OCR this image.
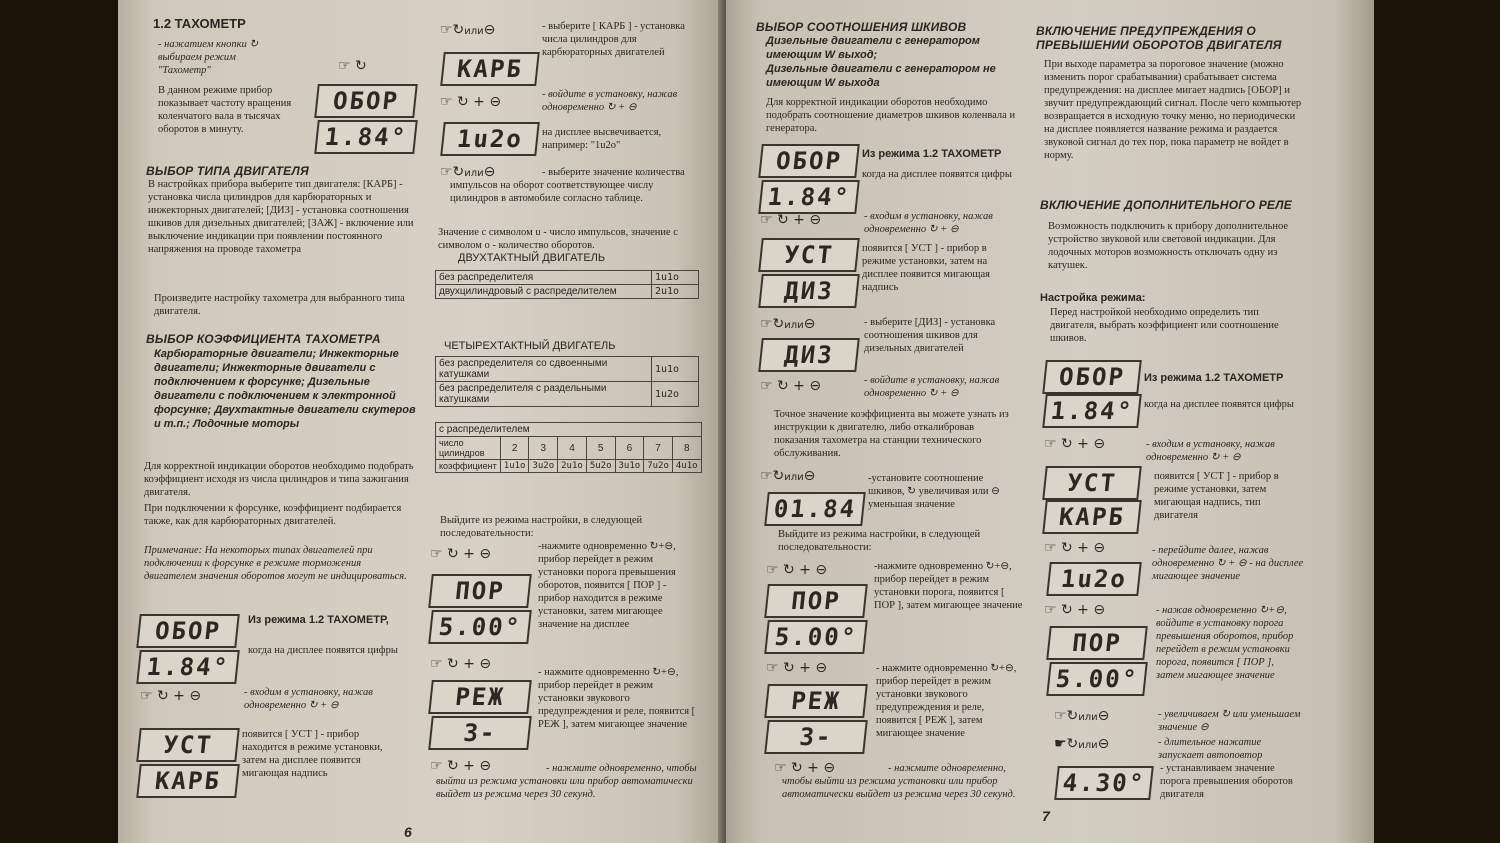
1.2 ТАХОМЕТР
- нажатием кнопки ↻ выбираем режим "Тахометр"	☞ ↻
В данном режиме прибор показывает частоту вращения коленчатого вала в тысячах оборотов в минуту.
ОБОР
1.84°
ВЫБОР ТИПА ДВИГАТЕЛЯ
В настройках прибора выберите тип двигателя: [КАРБ] - установка числа цилиндров для карбюраторных и инжекторных двигателей; [ДИЗ] - установка соотношения шкивов для дизельных двигателей; [ЗАЖ] - включение или выключение индикации при появлении постоянного напряжения на проводе тахометра
Произведите настройку тахометра для выбранного типа двигателя.
ВЫБОР КОЭФФИЦИЕНТА ТАХОМЕТРА
Карбюраторные двигатели; Инжекторные двигатели; Инжекторные двигатели с подключением к форсунке; Дизельные двигатели с подключением к электронной форсунке; Двухтактные двигатели скутеров и т.п.; Лодочные моторы
Для корректной индикации оборотов необходимо подобрать коэффициент исходя из числа цилиндров и типа зажигания двигателя.
При подключении к форсунке, коэффициент подбирается также, как для карбюраторных двигателей.
Примечание: На некоторых типах двигателей при подключении к форсунке в режиме торможения двигателем значения оборотов могут не индицироваться.
ОБОР
1.84°
Из режима 1.2 ТАХОМЕТР,
когда на дисплее появятся цифры
☞ ↻ + ⊖	- входим в установку, нажав одновременно ↻ + ⊖
УСТ
КАРБ
появится [ УСТ ] - прибор находится в режиме установки, затем на дисплее появится мигающая надпись
6
☞↻или⊖	- выберите [ КАРБ ] - установка числа цилиндров для карбюраторных двигателей
КАРБ
☞ ↻ + ⊖	- войдите в установку, нажав одновременно ↻ + ⊖
1u2o	на дисплее высвечивается, например: "1u2o"
☞↻или⊖	- выберите значение количества импульсов на оборот соответствующее числу цилиндров в автомобиле согласно таблице.
Значение с символом u - число импульсов, значение с символом o - количество оборотов.
ДВУХТАКТНЫЙ ДВИГАТЕЛЬ
без распределителя	1u1o
двухцилиндровый с распределителем	2u1o
ЧЕТЫРЕХТАКТНЫЙ ДВИГАТЕЛЬ
без распределителя со сдвоенными катушками	1u1o
без распределителя с раздельными катушками	1u2o
с распределителем							
число цилиндров	2	3	4	5	6	7	8
коэффициент	1u1o	3u2o	2u1o	5u2o	3u1o	7u2o	4u1o
Выйдите из режима настройки, в следующей последовательности:
☞ ↻ + ⊖	-нажмите одновременно ↻+⊖, прибор перейдет в режим установки порога превышения оборотов, появится [ ПОР ] - прибор находится в режиме установки, затем мигающее значение на дисплее
ПОР
5.00°
☞ ↻ + ⊖
- нажмите одновременно ↻+⊖, прибор перейдет в режим установки звукового предупреждения и реле, появится [ РЕЖ ], затем мигающее значение
РЕЖ
3-
☞ ↻ + ⊖	- нажмите одновременно, чтобы выйти из режима установки или прибор автоматически выйдет из режима через 30 секунд.
ВЫБОР СООТНОШЕНИЯ ШКИВОВ
Дизельные двигатели с генератором имеющим W выход;
Дизельные двигатели с генератором не имеющим W выхода
Для корректной индикации оборотов необходимо подобрать соотношение диаметров шкивов коленвала и генератора.
ОБОР
1.84°
Из режима 1.2 ТАХОМЕТР
когда на дисплее появятся цифры
☞ ↻ + ⊖	- входим в установку, нажав одновременно ↻ + ⊖
УСТ
ДИЗ
появится [ УСТ ] - прибор в режиме установки, затем на дисплее появится мигающая надпись
☞↻или⊖	- выберите [ДИЗ] - установка соотношения шкивов для дизельных двигателей
ДИЗ
☞ ↻ + ⊖	- войдите в установку, нажав одновременно ↻ + ⊖
Точное значение коэффициента вы можете узнать из инструкции к двигателю, либо откалибровав показания тахометра на станции технического обслуживания.
☞↻или⊖	-установите соотношение шкивов, ↻ увеличивая или ⊖ уменьшая значение
01.84
Выйдите из режима настройки, в следующей последовательности:
☞ ↻ + ⊖	-нажмите одновременно ↻+⊖, прибор перейдет в режим установки порога, появится [ ПОР ], затем мигающее значение
ПОР
5.00°
☞ ↻ + ⊖	- нажмите одновременно ↻+⊖, прибор перейдет в режим установки звукового предупреждения и реле, появится [ РЕЖ ], затем мигающее значение
РЕЖ
3-
☞ ↻ + ⊖	- нажмите одновременно, чтобы выйти из режима установки или прибор автоматически выйдет из режима через 30 секунд.
ВКЛЮЧЕНИЕ ПРЕДУПРЕЖДЕНИЯ О ПРЕВЫШЕНИИ ОБОРОТОВ ДВИГАТЕЛЯ
При выходе параметра за пороговое значение (можно изменить порог срабатывания) срабатывает система предупреждения: на дисплее мигает надпись [ОБОР] и звучит предупреждающий сигнал. После чего компьютер возвращается в исходную точку меню, но периодически на дисплее появляется название режима и раздается звуковой сигнал до тех пор, пока параметр не войдет в норму.
ВКЛЮЧЕНИЕ ДОПОЛНИТЕЛЬНОГО РЕЛЕ
Возможность подключить к прибору дополнительное устройство звуковой или световой индикации. Для лодочных моторов возможность отключать одну из катушек.
Настройка режима:
Перед настройкой необходимо определить тип двигателя, выбрать коэффициент или соотношение шкивов.
ОБОР
1.84°
Из режима 1.2 ТАХОМЕТР
когда на дисплее появятся цифры
☞ ↻ + ⊖	- входим в установку, нажав одновременно ↻ + ⊖
УСТ
КАРБ
появится [ УСТ ] - прибор в режиме установки, затем мигающая надпись, тип двигателя
☞ ↻ + ⊖	- перейдите далее, нажав одновременно ↻ + ⊖ - на дисплее мигающее значение
1u2o
☞ ↻ + ⊖	- нажав одновременно ↻+⊖, войдите в установку порога превышения оборотов, прибор перейдет в режим установки порога, появится [ ПОР ], затем мигающее значение
ПОР
5.00°
☞↻или⊖	- увеличиваем ↻ или уменьшаем значение ⊖
☛↻или⊖	- длительное нажатие запускает автоповтор
4.30°
- устанавливаем значение порога превышения оборотов двигателя
7
